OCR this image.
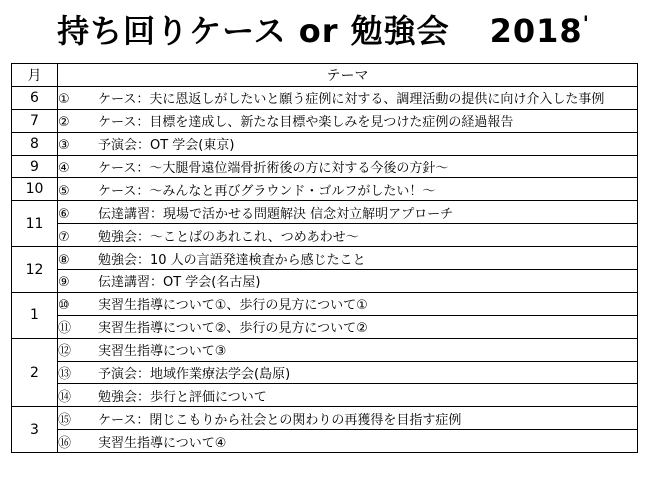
持ち回りケース or 勉強会 2018'
月	テーマ
6	① ケース：夫に恩返しがしたいと願う症例に対する、調理活動の提供に向け介入した事例
7	② ケース：目標を達成し、新たな目標や楽しみを見つけた症例の経過報告
8	③ 予演会：OT 学会(東京)
9	④ ケース：～大腿骨遠位端骨折術後の方に対する今後の方針～
10	⑤ ケース：～みんなと再びグラウンド・ゴルフがしたい！～
11	⑥ 伝達講習：現場で活かせる問題解決 信念対立解明アプローチ
	⑦ 勉強会：～ことばのあれこれ、つめあわせ～
12	⑧ 勉強会：10 人の言語発達検査から感じたこと
	⑨ 伝達講習：OT 学会(名古屋)
1	⑩ 実習生指導について①、歩行の見方について①
	⑪ 実習生指導について②、歩行の見方について②
2	⑫ 実習生指導について③
	⑬ 予演会：地域作業療法学会(島原)
	⑭ 勉強会：歩行と評価について
3	⑮ ケース：閉じこもりから社会との関わりの再獲得を目指す症例
	⑯ 実習生指導について④
